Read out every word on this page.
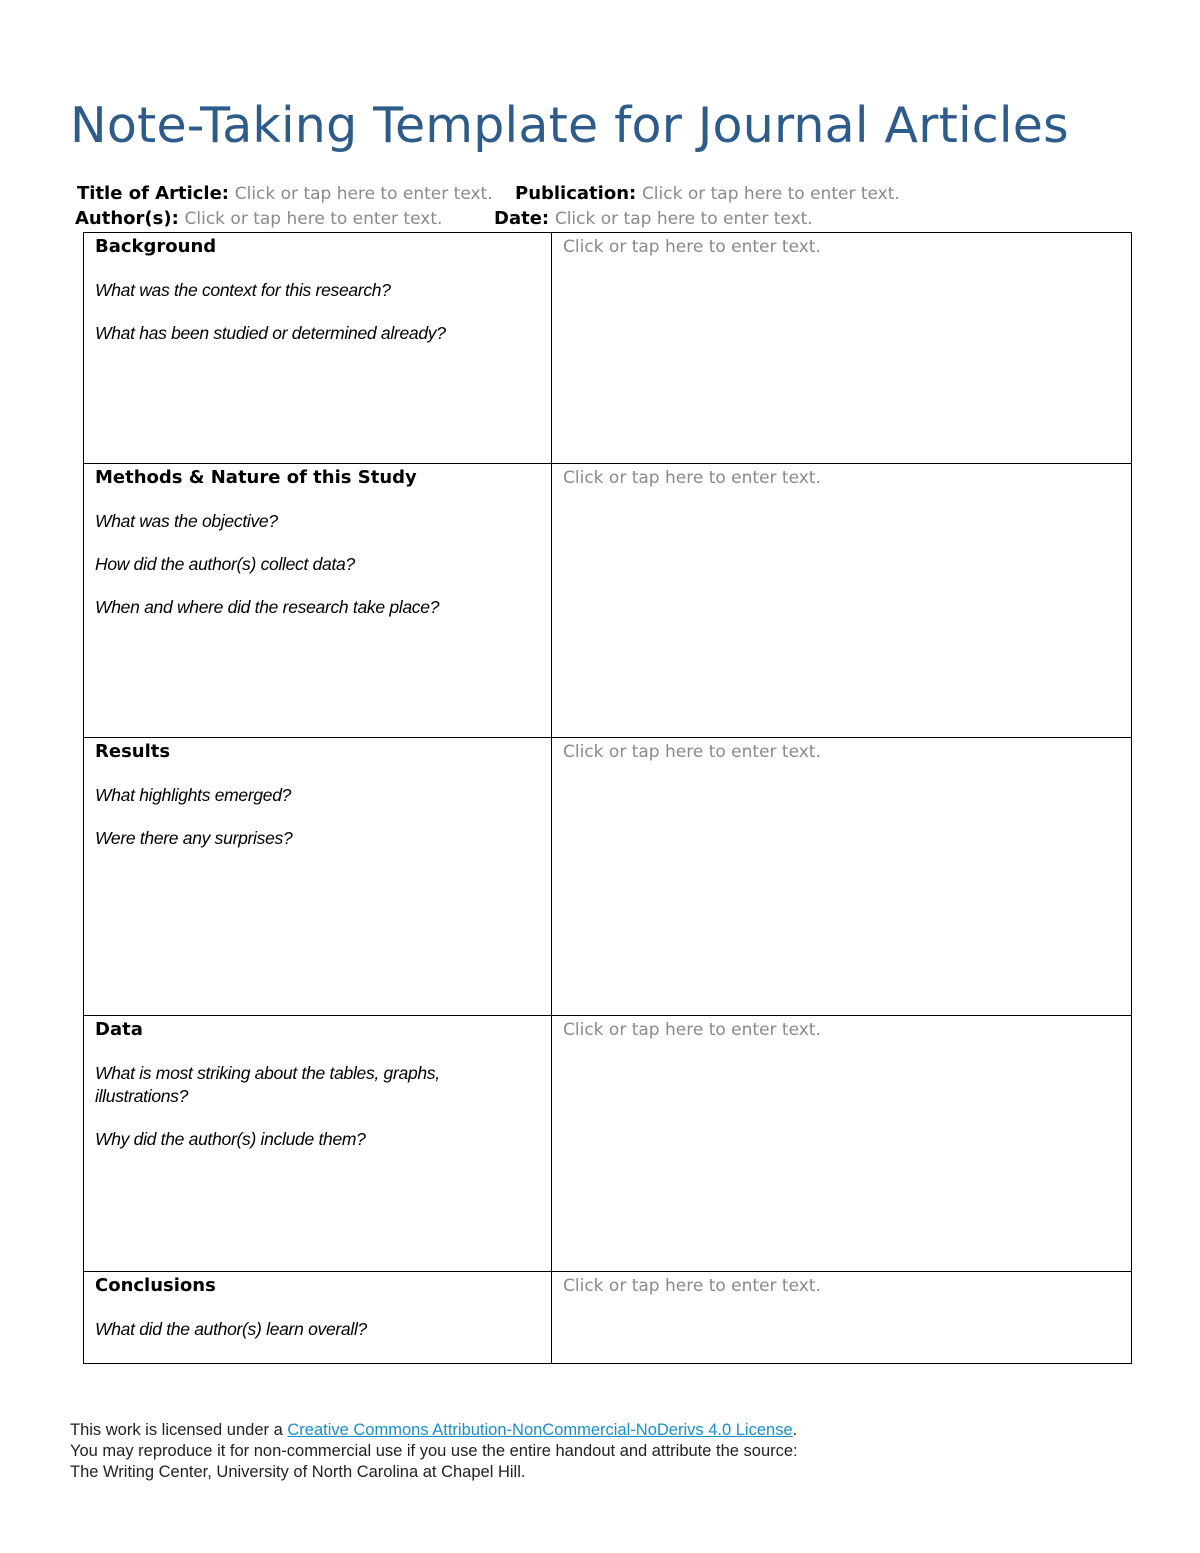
Note-Taking Template for Journal Articles
Title of Article: Click or tap here to enter text. Publication: Click or tap here to enter text.
Author(s): Click or tap here to enter text.	Date: Click or tap here to enter text.

Background

What was the context for this research?

What has been studied or determined already?	Click or tap here to enter text.

Methods & Nature of this Study

What was the objective?

How did the author(s) collect data?

When and where did the research take place?	Click or tap here to enter text.

Results

What highlights emerged?

Were there any surprises?	Click or tap here to enter text.

Data

What is most striking about the tables, graphs, illustrations?

Why did the author(s) include them?	Click or tap here to enter text.

Conclusions

What did the author(s) learn overall?	Click or tap here to enter text.

This work is licensed under a Creative Commons Attribution-NonCommercial-NoDerivs 4.0 License.
You may reproduce it for non-commercial use if you use the entire handout and attribute the source:
The Writing Center, University of North Carolina at Chapel Hill.
